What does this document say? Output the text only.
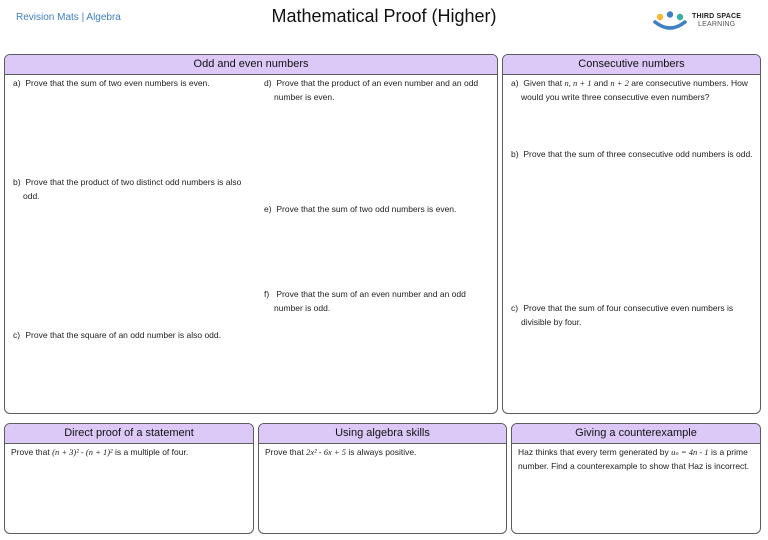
Revision Mats | Algebra	Mathematical Proof (Higher)	THIRD SPACE
LEARNING
Odd and even numbers
a) Prove that the sum of two even numbers is even.
b) Prove that the product of two distinct odd numbers is also odd.
c) Prove that the square of an odd number is also odd.
d) Prove that the product of an even number and an odd number is even.
e) Prove that the sum of two odd numbers is even.
f) Prove that the sum of an even number and an odd number is odd.
Consecutive numbers
a) Given that n, n + 1 and n + 2 are consecutive numbers. How would you write three consecutive even numbers?
b) Prove that the sum of three consecutive odd numbers is odd.
c) Prove that the sum of four consecutive even numbers is divisible by four.
Direct proof of a statement
Prove that (n + 3)² - (n + 1)² is a multiple of four.
Using algebra skills
Prove that 2x² - 6x + 5 is always positive.
Giving a counterexample
Haz thinks that every term generated by uₙ = 4n - 1 is a prime number. Find a counterexample to show that Haz is incorrect.
